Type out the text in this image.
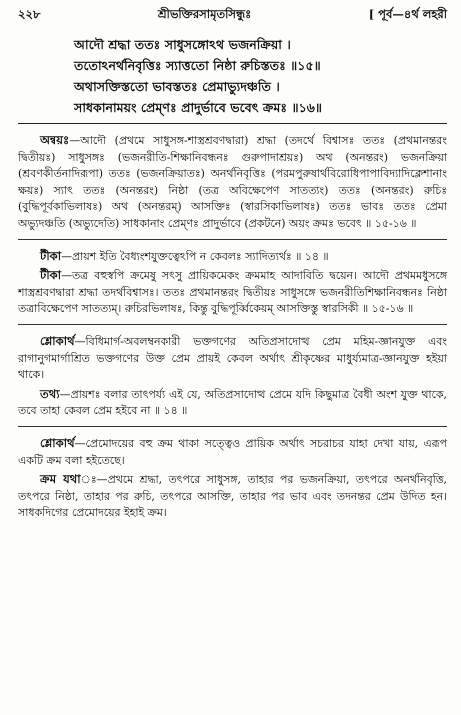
২২৮	শ্রীভক্তিরসামৃতসিন্ধুঃ	[ পূর্ব—৪র্থ লহরী
আদৌ শ্রদ্ধা ততঃ সাধুসঙ্গোঽথ ভজনক্রিয়া ।
ততোঽনর্থনিবৃত্তিঃ স্যাত্ততো নিষ্ঠা রুচিস্ততঃ ॥১৫॥
অথাসক্তিস্ততো ভাবস্ততঃ প্রেমাভ্যুদঞ্চতি ।
সাধকানাময়ং প্রেম্ণঃ প্রাদুর্ভাবে ভবেৎ ক্রমঃ ॥১৬॥

অন্বয়ঃ—আদৌ (প্রথমে সাধুসঙ্গ-শাস্ত্রশ্রবণদ্বারা) শ্রদ্ধা (তদর্থে বিশ্বাসঃ ততঃ (প্রথমানন্তরং দ্বিতীয়ঃ) সাধুসঙ্গঃ (ভজনরীতি-শিক্ষানিবন্ধনঃ গুরুপাদাশ্রয়ঃ) অথ (অনন্তরং) ভজনক্রিয়া (শ্রবণকীর্তনাদিরূপা) ততঃ (ভজনক্রিয়াতঃ) অনর্থনিবৃত্তিঃ (পরমপুরুষার্থবিরোধিপাপাবিদ্যাদিক্লেশানাং ক্ষয়ঃ) স্যাৎ ততঃ (অনন্তরং) নিষ্ঠা (তত্র অবিক্ষেপেণ সাতত্যং) ততঃ (অনন্তরং) রুচিঃ (বুদ্ধিপূর্বকাভিলাষঃ) অথ (অনন্তরম্) আসক্তিঃ (স্বারসিকাভিলাষঃ) ততঃ ভাবঃ ততঃ প্রেমা অভ্যুদঞ্চতি (অভ্যুদেতি) সাধকানাং প্রেম্ণঃ প্রাদুর্ভাবে (প্রকটনে) অয়ং ক্রমঃ ভবেৎ ॥ ১৫-১৬ ॥

টীকা—প্রায়শ ইতি বৈধ্যংশযুক্তত্বেঽপি ন কেবলঃ স্যাদিত্যর্থঃ ॥ ১৪ ॥

টীকা—তত্র বহুস্বপি ক্রমেষু সৎসু প্রায়িকমেকং ক্রমমাহ আদাবিতি দ্বয়েন। আদৌ প্রথমমধুসঙ্গে শাস্ত্রশ্রবণদ্বারা শ্রদ্ধা তদর্থবিশ্বাসঃ। ততঃ প্রথমানন্তরং দ্বিতীয়ঃ সাধুসঙ্গে ভজনরীতিশিক্ষানিবন্ধনঃ নিষ্ঠা তত্রাবিক্ষেপেণ সাতত্যম্। রুচিরভিলাষঃ, কিন্তু বুদ্ধিপূর্ব্বিকেয়ম্ আসক্তিস্তু স্বারসিকী ॥ ১৫-১৬ ॥

শ্লোকার্থ—বিধিমার্গ-অবলম্বনকারী ভক্তগণের অতিপ্রসাদোত্থ প্রেম মহিম-জ্ঞানযুক্ত এবং রাগানুগমার্গাশ্রিত ভক্তগণের উক্ত প্রেম প্রায়ই কেবল অর্থাৎ শ্রীকৃষ্ণের মাধুর্য্যমাত্র-জ্ঞানযুক্ত হইয়া থাকে।

তথ্য—প্রায়শঃ বলার তাৎপর্য্য এই যে, অতিপ্রসাদোত্থ প্রেমে যদি কিছুমাত্র বৈধী অংশ যুক্ত থাকে, তবে তাহা কেবল প্রেম হইবে না ॥ ১৪ ॥

শ্লোকার্থ—প্রেমোদয়ের বহু ক্রম থাকা সত্ত্বেও প্রায়িক অর্থাৎ সচরাচর যাহা দেখা যায়, এরূপ একটি ক্রম বলা হইতেছে।

ক্রম যথাঃ—প্রথমে শ্রদ্ধা, তৎপরে সাধুসঙ্গ, তাহার পর ভজনক্রিয়া, তৎপরে অনর্থনিবৃত্তি, তৎপরে নিষ্ঠা, তাহার পর রুচি, তৎপরে আসক্তি, তাহার পর ভাব এবং তদনন্তর প্রেম উদিত হন। সাধকদিগের প্রেমোদয়ের ইহাই ক্রম।
